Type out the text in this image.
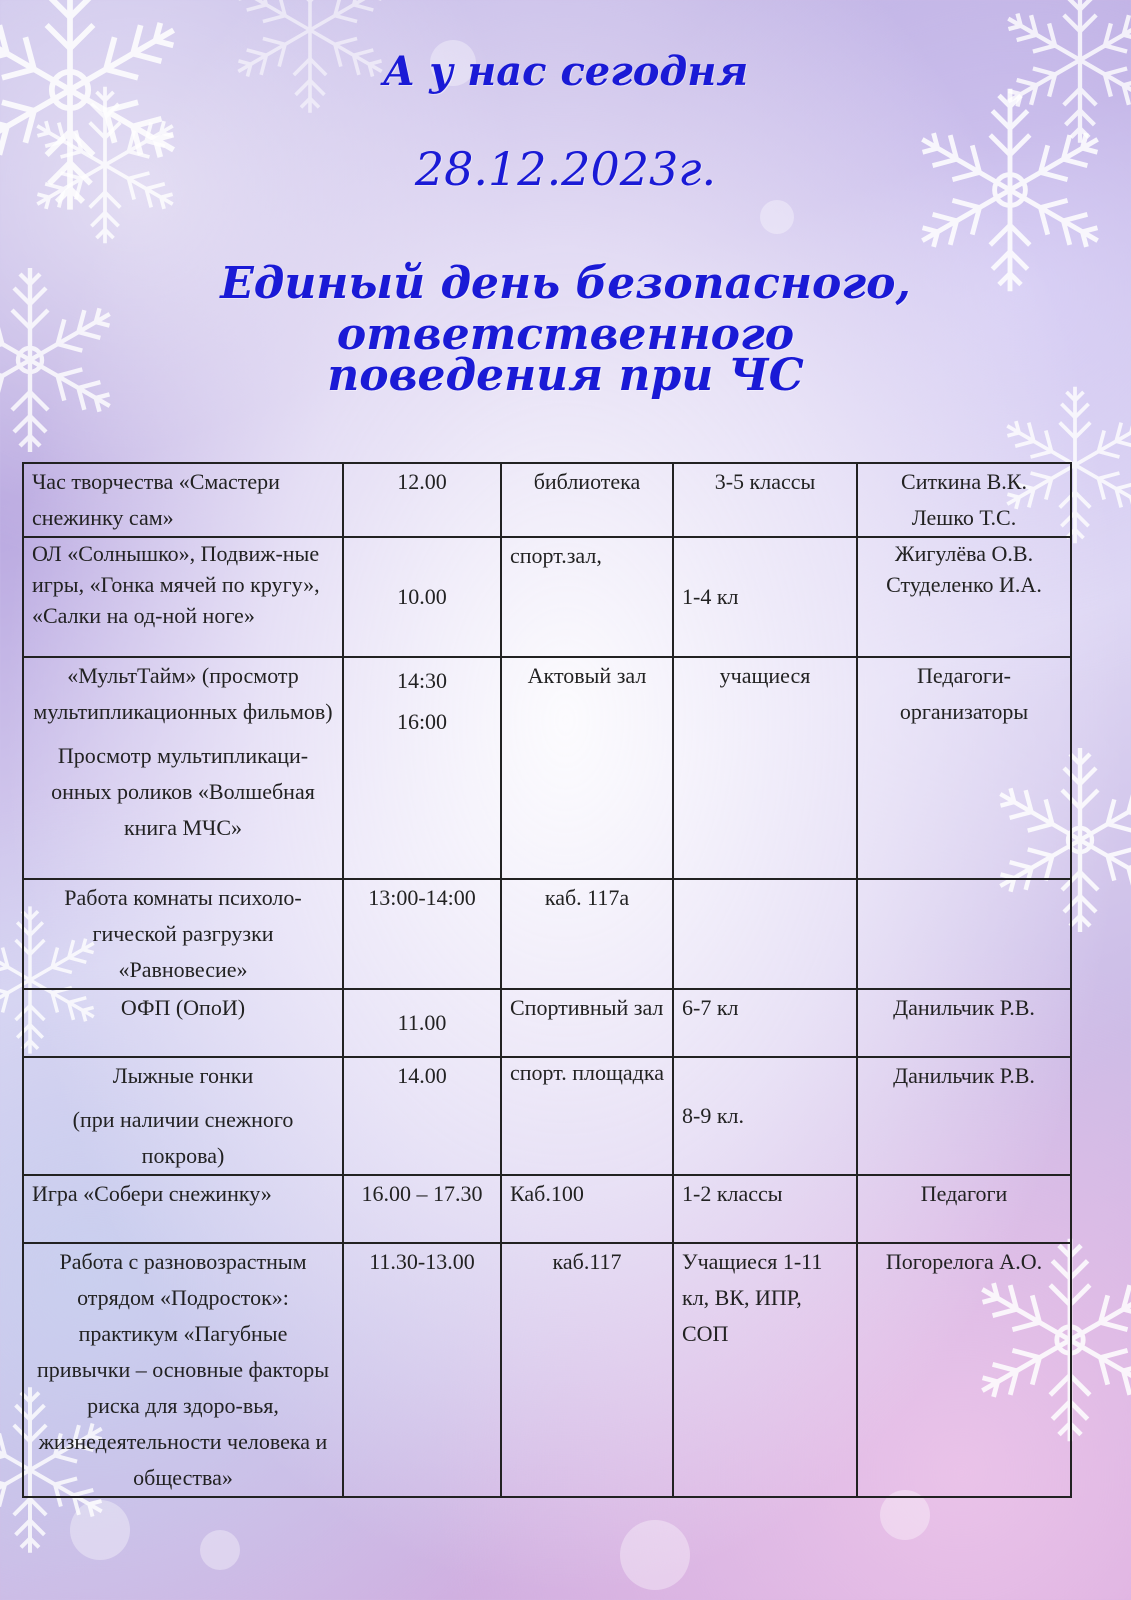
А у нас сегодня
28.12.2023г.
Единый день безопасного, ответственного
поведения при ЧС
Час творчества «Смастери снежинку сам»	12.00	библиотека	3-5 классы	Ситкина В.К.
Лешко Т.С.

ОЛ «Солнышко», Подвиж-ные игры, «Гонка мячей по кругу», «Салки на од-ной ноге»	10.00	спорт.зал,	1-4 кл	Жигулёва О.В.
Студеленко И.А.

«МультТайм» (просмотр мультипликационных фильмов)
Просмотр мультипликаци-онных роликов «Волшебная книга МЧС»	14:30
16:00	Актовый зал	учащиеся	Педагоги-организаторы

Работа комнаты психоло-гической разгрузки «Равновесие»	13:00-14:00	каб. 117а		

ОФП (ОпоИ)	11.00	Спортивный зал	6-7 кл	Данильчик Р.В.

Лыжные гонки
(при наличии снежного покрова)	14.00	спорт. площадка	8-9 кл.	Данильчик Р.В.

Игра «Собери снежинку»	16.00 – 17.30	Каб.100	1-2 классы	Педагоги

Работа с разновозрастным отрядом «Подросток»: практикум «Пагубные привычки – основные факторы риска для здоро-вья, жизнедеятельности человека и общества»	11.30-13.00	каб.117	Учащиеся 1-11 кл, ВК, ИПР, СОП	Погорелога А.О.
